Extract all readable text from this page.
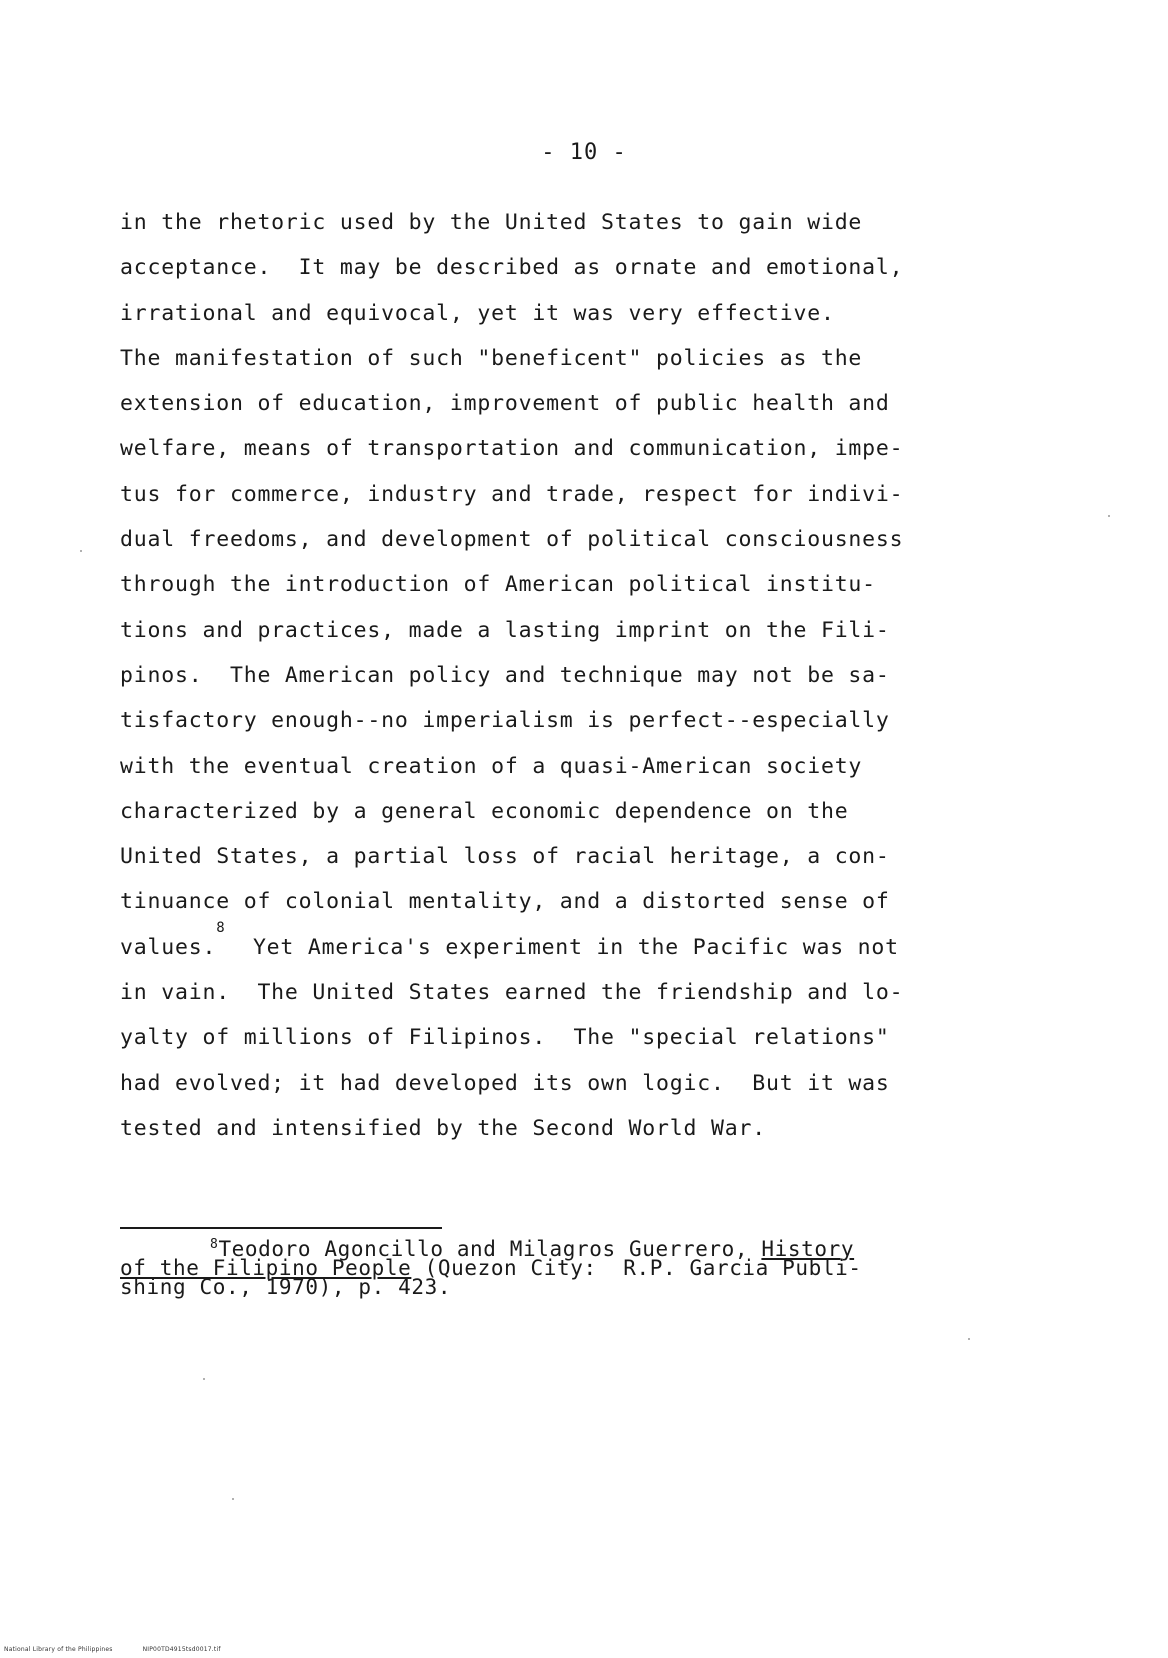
- 10 -
in the rhetoric used by the United States to gain wide
acceptance.  It may be described as ornate and emotional,
irrational and equivocal, yet it was very effective.
The manifestation of such "beneficent" policies as the
extension of education, improvement of public health and
welfare, means of transportation and communication, impe-
tus for commerce, industry and trade, respect for indivi-
dual freedoms, and development of political consciousness
through the introduction of American political institu-
tions and practices, made a lasting imprint on the Fili-
pinos.  The American policy and technique may not be sa-
tisfactory enough--no imperialism is perfect--especially
with the eventual creation of a quasi-American society
characterized by a general economic dependence on the
United States, a partial loss of racial heritage, a con-
tinuance of colonial mentality, and a distorted sense of
values.$^8$  Yet America's experiment in the Pacific was not
in vain.  The United States earned the friendship and lo-
yalty of millions of Filipinos.  The "special relations"
had evolved; it had developed its own logic.  But it was
tested and intensified by the Second World War.
$^8$Teodoro Agoncillo and Milagros Guerrero, History
of the Filipino People (Quezon City:  R.P. Garcia Publi-
shing Co., 1970), p. 423.
National Library of the Philippines	NIP00TD4915tsd0017.tif
